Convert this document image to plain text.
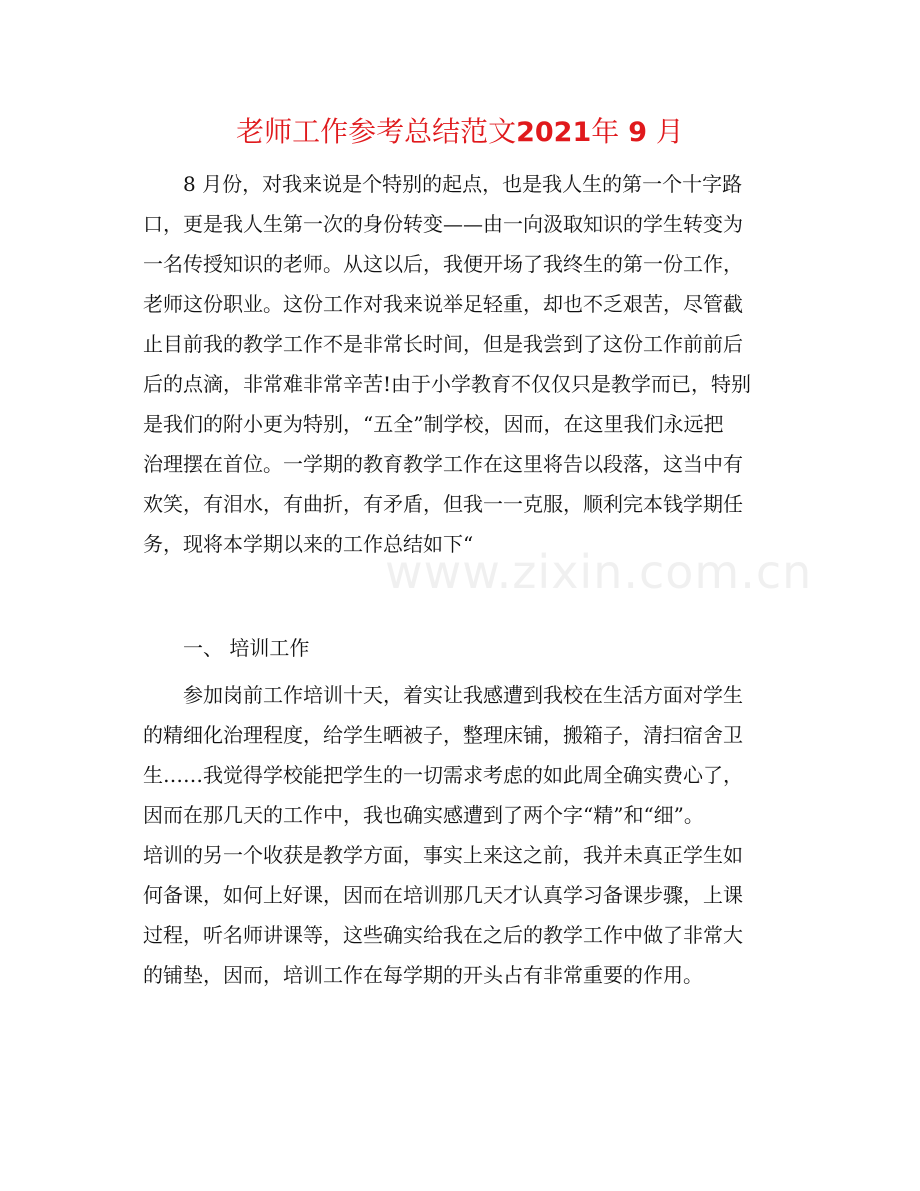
老师工作参考总结范文2021年 9 月
www.zixin.com.cn
8 月份，对我来说是个特别的起点，也是我人生的第一个十字路
口，更是我人生第一次的身份转变——由一向汲取知识的学生转变为
一名传授知识的老师。从这以后，我便开场了我终生的第一份工作，
老师这份职业。这份工作对我来说举足轻重，却也不乏艰苦，尽管截
止目前我的教学工作不是非常长时间，但是我尝到了这份工作前前后
后的点滴，非常难非常辛苦!由于小学教育不仅仅只是教学而已，特别
是我们的附小更为特别，“五全”制学校，因而，在这里我们永远把
治理摆在首位。一学期的教育教学工作在这里将告以段落，这当中有
欢笑，有泪水，有曲折，有矛盾，但我一一克服，顺利完本钱学期任
务，现将本学期以来的工作总结如下“
一、 培训工作
参加岗前工作培训十天，着实让我感遭到我校在生活方面对学生
的精细化治理程度，给学生晒被子，整理床铺，搬箱子，清扫宿舍卫
生……我觉得学校能把学生的一切需求考虑的如此周全确实费心了，
因而在那几天的工作中，我也确实感遭到了两个字“精”和“细”。
培训的另一个收获是教学方面，事实上来这之前，我并未真正学生如
何备课，如何上好课，因而在培训那几天才认真学习备课步骤，上课
过程，听名师讲课等，这些确实给我在之后的教学工作中做了非常大
的铺垫，因而，培训工作在每学期的开头占有非常重要的作用。
